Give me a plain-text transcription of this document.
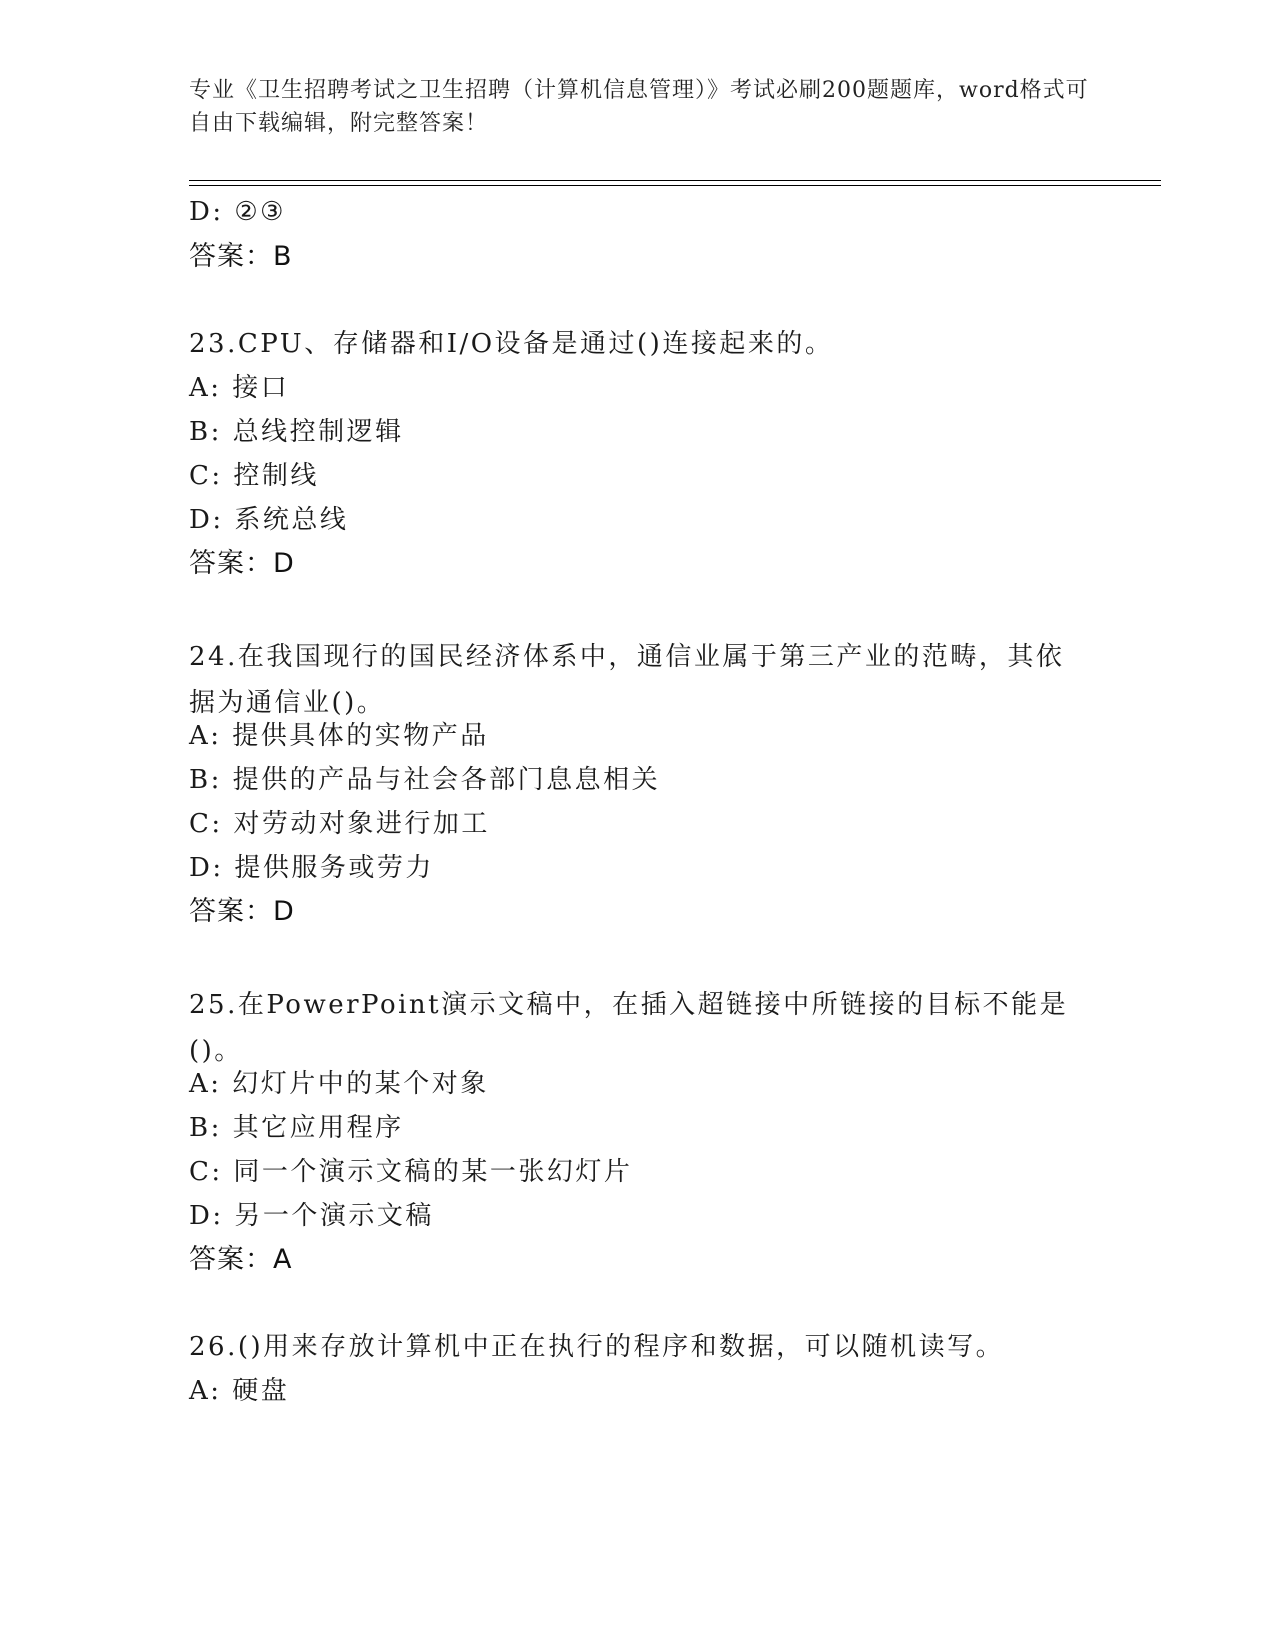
专业《卫生招聘考试之卫生招聘（计算机信息管理）》考试必刷200题题库，word格式可自由下载编辑，附完整答案！
D: ②③
答案：B
23.CPU、存储器和I/O设备是通过()连接起来的。
A: 接口
B: 总线控制逻辑
C: 控制线
D: 系统总线
答案：D
24.在我国现行的国民经济体系中，通信业属于第三产业的范畴，其依据为通信业()。
A: 提供具体的实物产品
B: 提供的产品与社会各部门息息相关
C: 对劳动对象进行加工
D: 提供服务或劳力
答案：D
25.在PowerPoint演示文稿中，在插入超链接中所链接的目标不能是()。
A: 幻灯片中的某个对象
B: 其它应用程序
C: 同一个演示文稿的某一张幻灯片
D: 另一个演示文稿
答案：A
26.()用来存放计算机中正在执行的程序和数据，可以随机读写。
A: 硬盘
